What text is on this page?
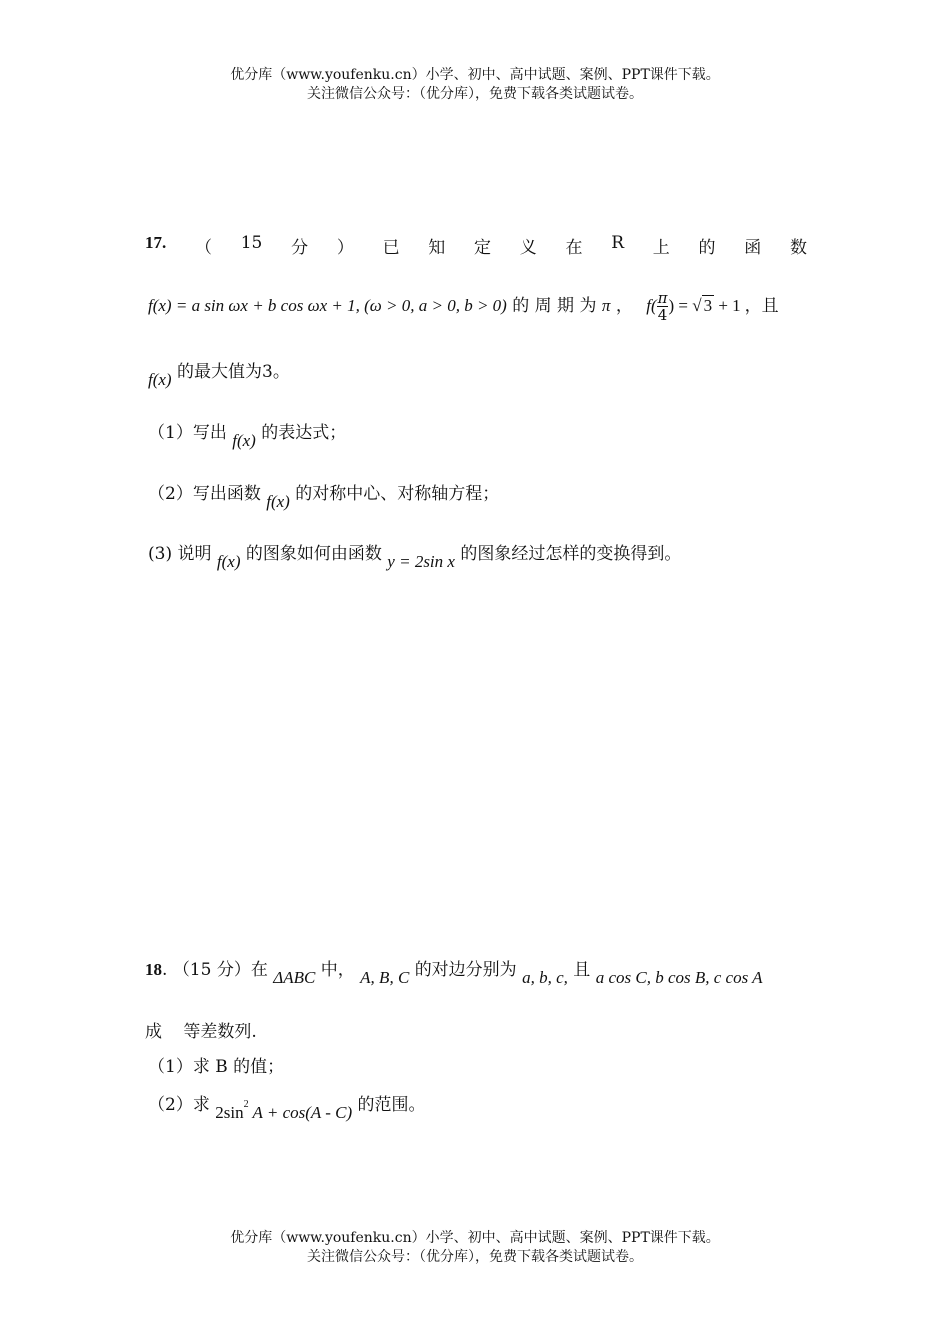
优分库（www.youfenku.cn）小学、初中、高中试题、案例、PPT课件下载。
关注微信公众号：（优分库），免费下载各类试题试卷。
17. （ 15 分 ） 已 知 定 义 在 R 上 的 函 数
f(x) = a sin ωx + b cos ωx + 1, (ω > 0, a > 0, b > 0) 的 周 期 为 π ， $f( \frac{\pi}{4}$ ) = √ 3 + 1 ，且
f(x) 的最大值为3。
（1）写出 f(x) 的表达式；
（2）写出函数 f(x) 的对称中心、对称轴方程；
(3) 说明 f(x) 的图象如何由函数 y = 2sin x 的图象经过怎样的变换得到。
18. （15 分）在 ΔABC 中， A, B, C 的对边分别为 a, b, c, 且 a cos C, b cos B, c cos A
成 等差数列.
（1）求 B 的值；
（2）求 $2\sin^2$ A + cos(A - C) 的范围。
优分库（www.youfenku.cn）小学、初中、高中试题、案例、PPT课件下载。
关注微信公众号：（优分库），免费下载各类试题试卷。
